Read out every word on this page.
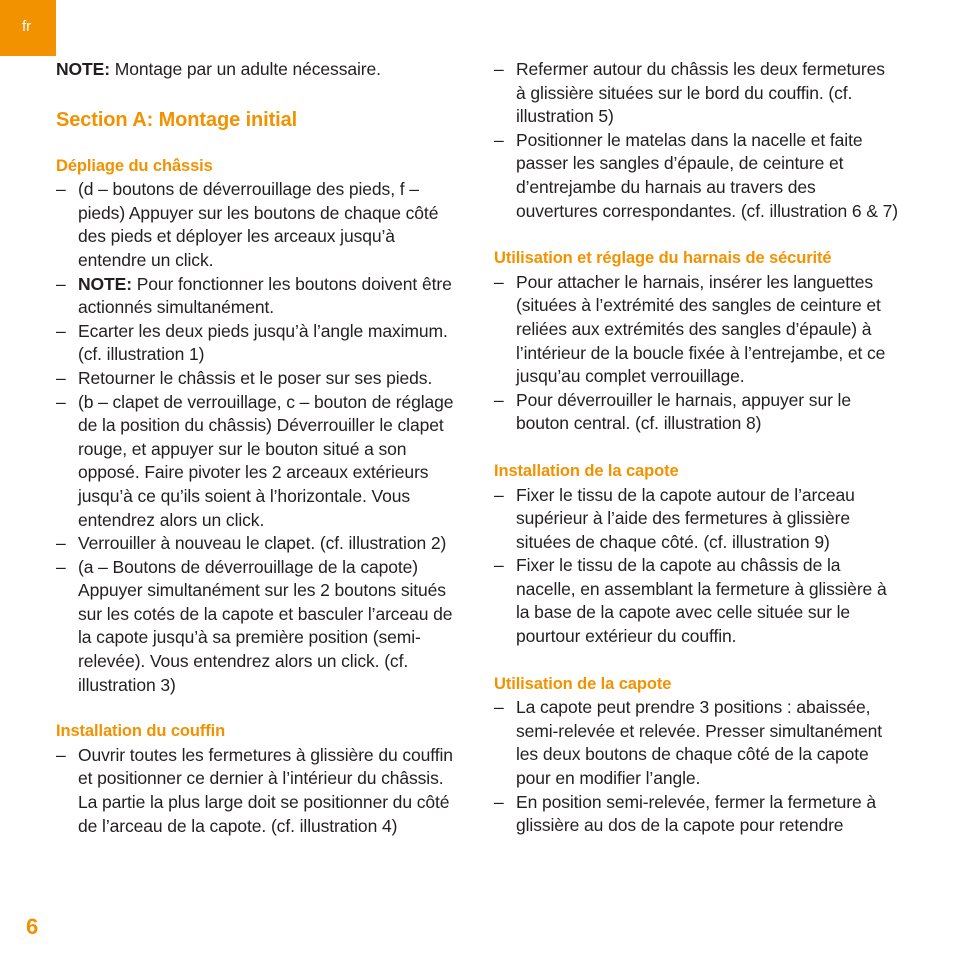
fr

NOTE: Montage par un adulte nécessaire.

Section A: Montage initial
Dépliage du châssis
– (d – boutons de déverrouillage des pieds, f – pieds) Appuyer sur les boutons de chaque côté des pieds et déployer les arceaux jusqu’à entendre un click.
– NOTE: Pour fonctionner les boutons doivent être actionnés simultanément.
– Ecarter les deux pieds jusqu’à l’angle maximum. (cf. illustration 1)
– Retourner le châssis et le poser sur ses pieds.
– (b – clapet de verrouillage, c – bouton de réglage de la position du châssis) Déverrouiller le clapet rouge, et appuyer sur le bouton situé a son opposé. Faire pivoter les 2 arceaux extérieurs jusqu’à ce qu’ils soient à l’horizontale. Vous entendrez alors un click.
– Verrouiller à nouveau le clapet. (cf. illustration 2)
– (a – Boutons de déverrouillage de la capote) Appuyer simultanément sur les 2 boutons situés sur les cotés de la capote et basculer l’arceau de la capote jusqu’à sa première position (semi-relevée). Vous entendrez alors un click. (cf. illustration 3)
Installation du couffin
– Ouvrir toutes les fermetures à glissière du couffin et positionner ce dernier à l’intérieur du châssis. La partie la plus large doit se positionner du côté de l’arceau de la capote. (cf. illustration 4)
– Refermer autour du châssis les deux fermetures à glissière situées sur le bord du couffin. (cf. illustration 5)
– Positionner le matelas dans la nacelle et faite passer les sangles d’épaule, de ceinture et d’entrejambe du harnais au travers des ouvertures correspondantes. (cf. illustration 6 & 7)
Utilisation et réglage du harnais de sécurité
– Pour attacher le harnais, insérer les languettes (situées à l’extrémité des sangles de ceinture et reliées aux extrémités des sangles d’épaule) à l’intérieur de la boucle fixée à l’entrejambe, et ce jusqu’au complet verrouillage.
– Pour déverrouiller le harnais, appuyer sur le bouton central. (cf. illustration 8)
Installation de la capote
– Fixer le tissu de la capote autour de l’arceau supérieur à l’aide des fermetures à glissière situées de chaque côté. (cf. illustration 9)
– Fixer le tissu de la capote au châssis de la nacelle, en assemblant la fermeture à glissière à la base de la capote avec celle située sur le pourtour extérieur du couffin.
Utilisation de la capote
– La capote peut prendre 3 positions : abaissée, semi-relevée et relevée. Presser simultanément les deux boutons de chaque côté de la capote pour en modifier l’angle.
– En position semi-relevée, fermer la fermeture à glissière au dos de la capote pour retendre
6
